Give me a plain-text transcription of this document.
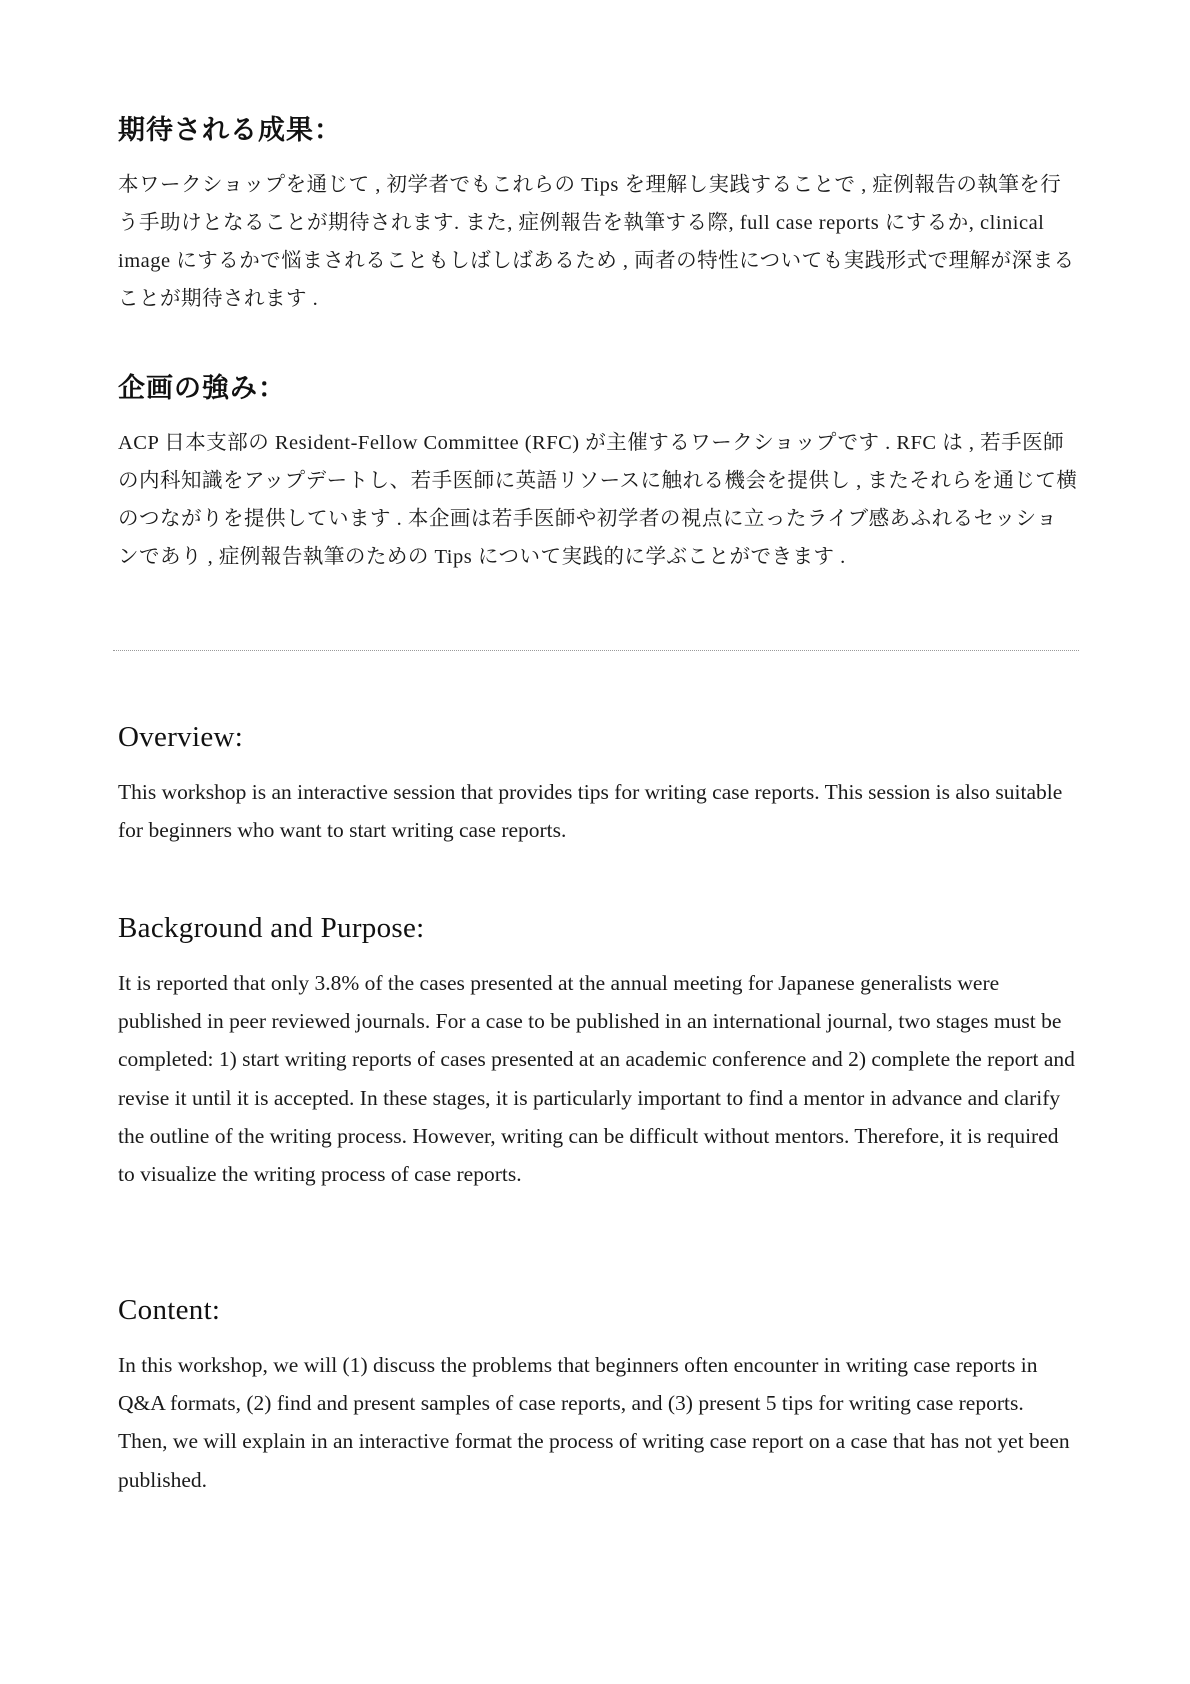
期待される成果：

本ワークショップを通じて , 初学者でもこれらの Tips を理解し実践することで , 症例報告の執筆を行う手助けとなることが期待されます. また, 症例報告を執筆する際, full case reports にするか, clinical image にするかで悩まされることもしばしばあるため , 両者の特性についても実践形式で理解が深まることが期待されます .

企画の強み：

ACP 日本支部の Resident-Fellow Committee (RFC) が主催するワークショップです . RFC は , 若手医師の内科知識をアップデートし、若手医師に英語リソースに触れる機会を提供し , またそれらを通じて横のつながりを提供しています . 本企画は若手医師や初学者の視点に立ったライブ感あふれるセッションであり , 症例報告執筆のための Tips について実践的に学ぶことができます .

Overview:

This workshop is an interactive session that provides tips for writing case reports. This session is also suitable for beginners who want to start writing case reports.

Background and Purpose:

It is reported that only 3.8% of the cases presented at the annual meeting for Japanese generalists were published in peer reviewed journals. For a case to be published in an international journal, two stages must be completed: 1) start writing reports of cases presented at an academic conference and 2) complete the report and revise it until it is accepted. In these stages, it is particularly important to find a mentor in advance and clarify the outline of the writing process. However, writing can be difficult without mentors. Therefore, it is required to visualize the writing process of case reports.

Content:

In this workshop, we will (1) discuss the problems that beginners often encounter in writing case reports in Q&A formats, (2) find and present samples of case reports, and (3) present 5 tips for writing case reports. Then, we will explain in an interactive format the process of writing case report on a case that has not yet been published.
